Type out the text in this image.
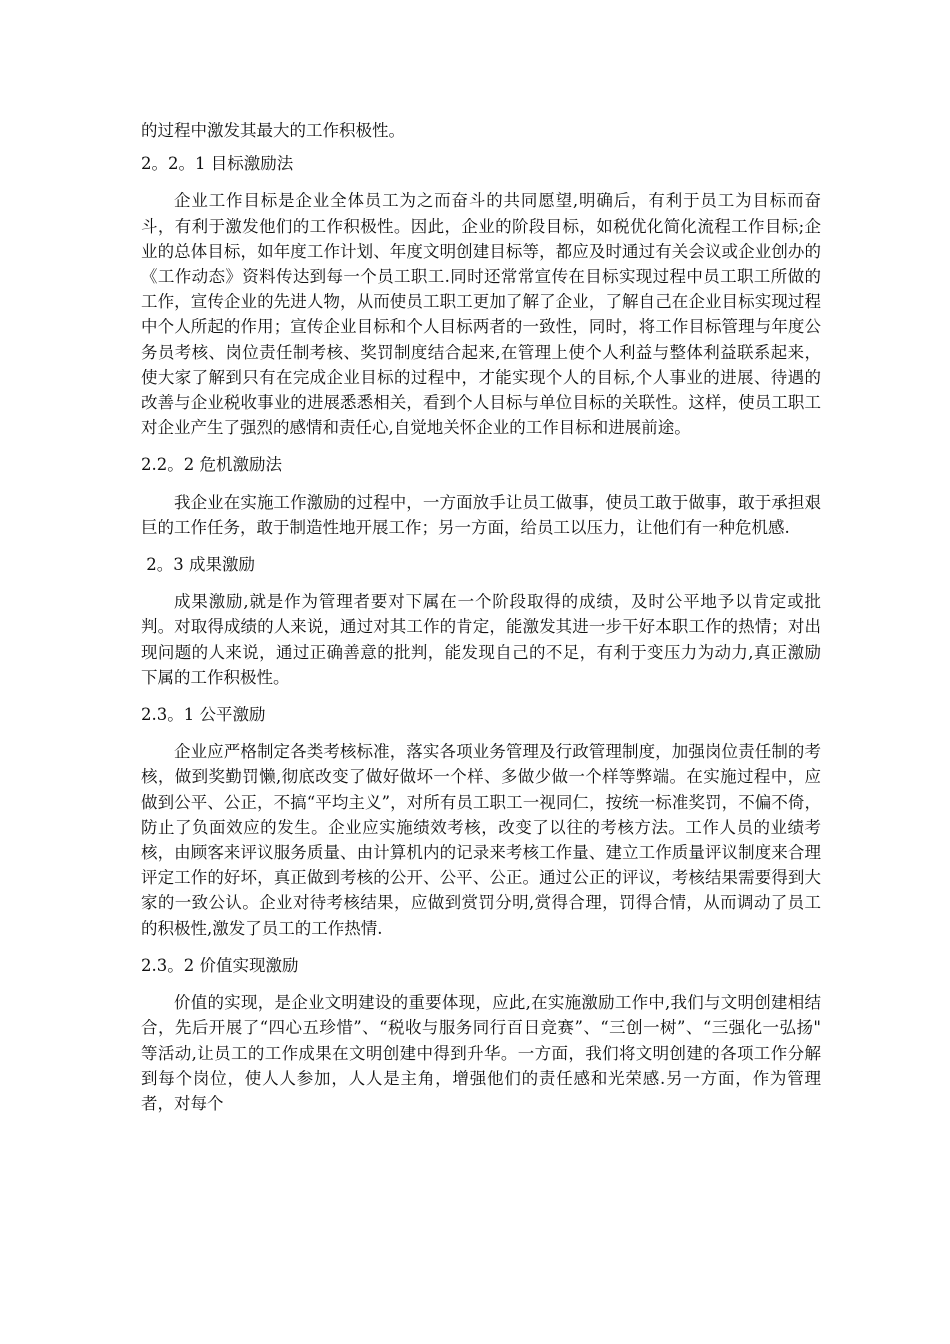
的过程中激发其最大的工作积极性。

2。2。1 目标激励法

企业工作目标是企业全体员工为之而奋斗的共同愿望,明确后，有利于员工为目标而奋斗，有利于激发他们的工作积极性。因此，企业的阶段目标，如税优化简化流程工作目标;企业的总体目标，如年度工作计划、年度文明创建目标等，都应及时通过有关会议或企业创办的《工作动态》资料传达到每一个员工职工.同时还常常宣传在目标实现过程中员工职工所做的工作，宣传企业的先进人物，从而使员工职工更加了解了企业，了解自己在企业目标实现过程中个人所起的作用；宣传企业目标和个人目标两者的一致性，同时，将工作目标管理与年度公务员考核、岗位责任制考核、奖罚制度结合起来,在管理上使个人利益与整体利益联系起来，使大家了解到只有在完成企业目标的过程中，才能实现个人的目标,个人事业的进展、待遇的改善与企业税收事业的进展悉悉相关，看到个人目标与单位目标的关联性。这样，使员工职工对企业产生了强烈的感情和责任心,自觉地关怀企业的工作目标和进展前途。

2.2。2 危机激励法

我企业在实施工作激励的过程中，一方面放手让员工做事，使员工敢于做事，敢于承担艰巨的工作任务，敢于制造性地开展工作；另一方面，给员工以压力，让他们有一种危机感.

2。3 成果激励

成果激励,就是作为管理者要对下属在一个阶段取得的成绩，及时公平地予以肯定或批判。对取得成绩的人来说，通过对其工作的肯定，能激发其进一步干好本职工作的热情；对出现问题的人来说，通过正确善意的批判，能发现自己的不足，有利于变压力为动力,真正激励下属的工作积极性。

2.3。1 公平激励

企业应严格制定各类考核标准，落实各项业务管理及行政管理制度，加强岗位责任制的考核，做到奖勤罚懒,彻底改变了做好做坏一个样、多做少做一个样等弊端。在实施过程中，应做到公平、公正，不搞“平均主义”，对所有员工职工一视同仁，按统一标准奖罚，不偏不倚，防止了负面效应的发生。企业应实施绩效考核，改变了以往的考核方法。工作人员的业绩考核，由顾客来评议服务质量、由计算机内的记录来考核工作量、建立工作质量评议制度来合理评定工作的好坏，真正做到考核的公开、公平、公正。通过公正的评议，考核结果需要得到大家的一致公认。企业对待考核结果，应做到赏罚分明,赏得合理，罚得合情，从而调动了员工的积极性,激发了员工的工作热情.

2.3。2 价值实现激励

价值的实现，是企业文明建设的重要体现，应此,在实施激励工作中,我们与文明创建相结合，先后开展了“四心五珍惜”、“税收与服务同行百日竞赛”、“三创一树”、“三强化一弘扬" 等活动,让员工的工作成果在文明创建中得到升华。一方面，我们将文明创建的各项工作分解到每个岗位，使人人参加，人人是主角，增强他们的责任感和光荣感.另一方面，作为管理者，对每个
